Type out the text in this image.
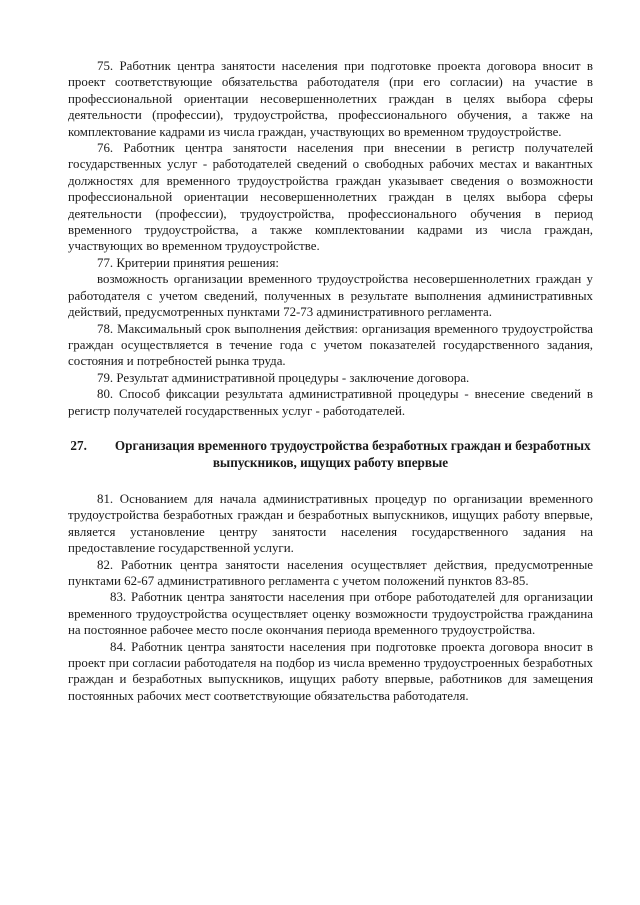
75. Работник центра занятости населения при подготовке проекта договора вносит в проект соответствующие обязательства работодателя (при его согласии) на участие в профессиональной ориентации несовершеннолетних граждан в целях выбора сферы деятельности (профессии), трудоустройства, профессионального обучения, а также на комплектование кадрами из числа граждан, участвующих во временном трудоустройстве.

76. Работник центра занятости населения при внесении в регистр получателей государственных услуг - работодателей сведений о свободных рабочих местах и вакантных должностях для временного трудоустройства граждан указывает сведения о возможности профессиональной ориентации несовершеннолетних граждан в целях выбора сферы деятельности (профессии), трудоустройства, профессионального обучения в период временного трудоустройства, а также комплектовании кадрами из числа граждан, участвующих во временном трудоустройстве.

77. Критерии принятия решения:

возможность организации временного трудоустройства несовершеннолетних граждан у работодателя с учетом сведений, полученных в результате выполнения административных действий, предусмотренных пунктами 72-73 административного регламента.

78. Максимальный срок выполнения действия: организация временного трудоустройства граждан осуществляется в течение года с учетом показателей государственного задания, состояния и потребностей рынка труда.

79. Результат административной процедуры - заключение договора.

80. Способ фиксации результата административной процедуры - внесение сведений в регистр получателей государственных услуг - работодателей.

27. Организация временного трудоустройства безработных граждан и безработных выпускников, ищущих работу впервые

81. Основанием для начала административных процедур по организации временного трудоустройства безработных граждан и безработных выпускников, ищущих работу впервые, является установление центру занятости населения государственного задания на предоставление государственной услуги.

82. Работник центра занятости населения осуществляет действия, предусмотренные пунктами 62-67 административного регламента с учетом положений пунктов 83-85.

83. Работник центра занятости населения при отборе работодателей для организации временного трудоустройства осуществляет оценку возможности трудоустройства гражданина на постоянное рабочее место после окончания периода временного трудоустройства.

84. Работник центра занятости населения при подготовке проекта договора вносит в проект при согласии работодателя на подбор из числа временно трудоустроенных безработных граждан и безработных выпускников, ищущих работу впервые, работников для замещения постоянных рабочих мест соответствующие обязательства работодателя.
